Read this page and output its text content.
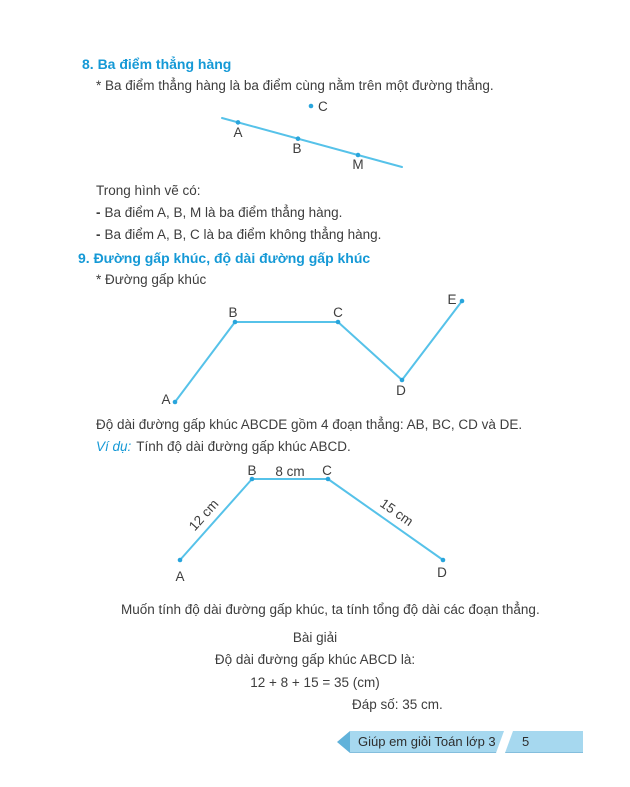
8. Ba điểm thẳng hàng
* Ba điểm thẳng hàng là ba điểm cùng nằm trên một đường thẳng.
C
A
B
M
Trong hình vẽ có:
- Ba điểm A, B, M là ba điểm thẳng hàng.
- Ba điểm A, B, C là ba điểm không thẳng hàng.
9. Đường gấp khúc, độ dài đường gấp khúc
* Đường gấp khúc
A
B	C
D
E
Độ dài đường gấp khúc ABCDE gồm 4 đoạn thẳng: AB, BC, CD và DE.
Ví dụ: Tính độ dài đường gấp khúc ABCD.
B 8 cm C
A	D
12 cm	15 cm
Muốn tính độ dài đường gấp khúc, ta tính tổng độ dài các đoạn thẳng.
Bài giải
Độ dài đường gấp khúc ABCD là:
12 + 8 + 15 = 35 (cm)
Đáp số: 35 cm.
Giúp em giỏi Toán lớp 3	5
